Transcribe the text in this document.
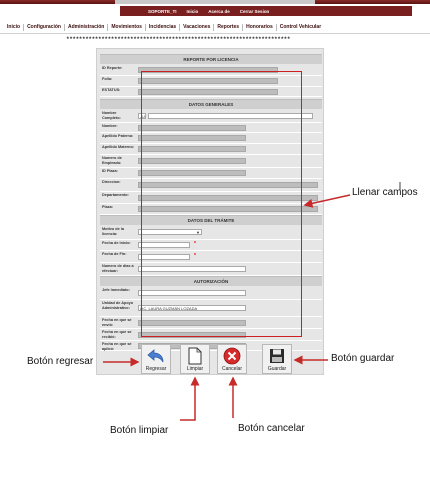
SOPORTE_TI Inicio Acerca de Cerrar Sesion
Inicio	Configuración	Administración	Movimientos	Incidencias	Vacaciones	Reportes	Honorarios	Control Vehicular
**********************************************************************
REPORTE POR LICENCIA
ID Reporte:
Folio:
ESTATUS:
DATOS GENERALES
Nombre Completo:	JU
Nombre:
Apellido Paterno:
Apellido Materno:
Numero de Empleado:
ID Plaza:
Direccion:
Departamento:
Plaza:
DATOS DEL TRÁMITE
Motivo de la licencia:	▼
Fecha de Inicio:	*
Fecha de Fin:	*
Numero de dias a efectuar:
AUTORIZACIÓN
Jefe Inmediato:
Unidad de Apoyo Administrativo:	LIC. LAURA GUZMÁN LOZADA
Fecha en que se envió:
Fecha en que se recibió:
Fecha en que se aplicó:
Regresar	Limpiar	Cancelar	Guardar
Llenar campos
Botón regresar	Botón guardar
Botón limpiar	Botón cancelar
